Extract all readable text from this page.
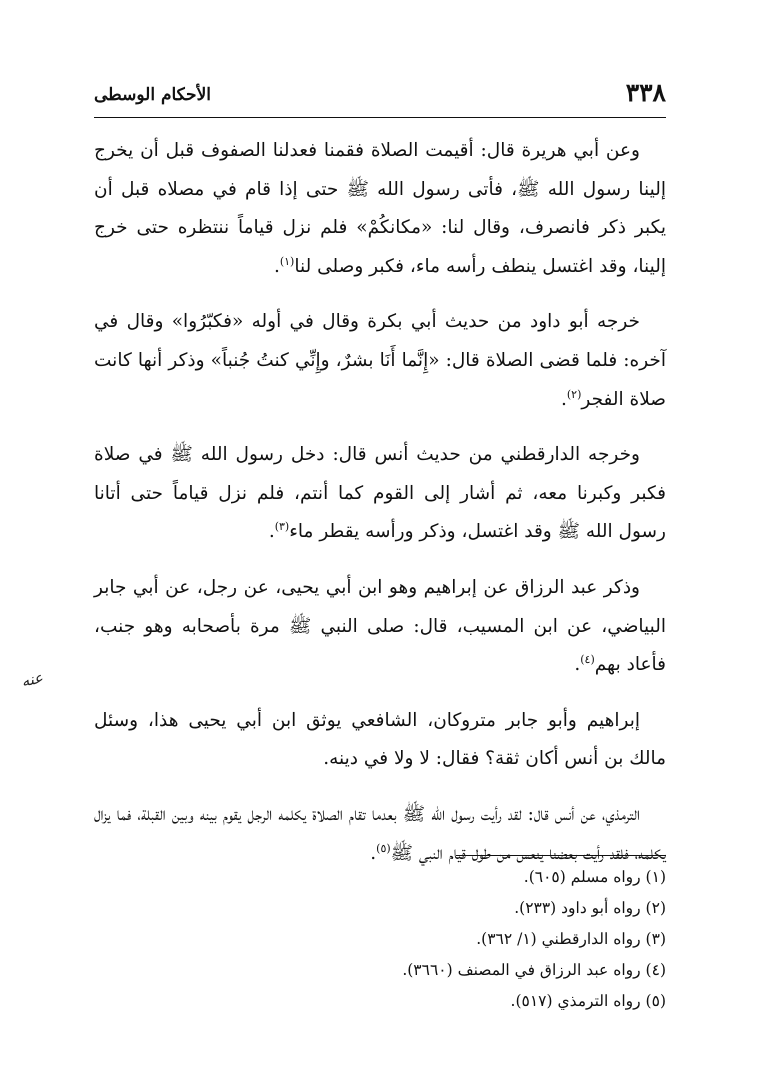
٣٣٨
الأحكام الوسطى

وعن أبي هريرة قال: أقيمت الصلاة فقمنا فعدلنا الصفوف قبل أن يخرج إلينا رسول الله ﷺ، فأتى رسول الله ﷺ حتى إذا قام في مصلاه قبل أن يكبر ذكر فانصرف، وقال لنا: «مكانكُمْ» فلم نزل قياماً ننتظره حتى خرج إلينا، وقد اغتسل ينطف رأسه ماء، فكبر وصلى لنا$^{(١)}$.

خرجه أبو داود من حديث أبي بكرة وقال في أوله «فكبّرُوا» وقال في آخره: فلما قضى الصلاة قال: «إِنَّما أَنَا بشرٌ، وإِنِّي كنتُ جُنباً» وذكر أنها كانت صلاة الفجر$^{(٢)}$.

وخرجه الدارقطني من حديث أنس قال: دخل رسول الله ﷺ في صلاة فكبر وكبرنا معه، ثم أشار إلى القوم كما أنتم، فلم نزل قياماً حتى أتانا رسول الله ﷺ وقد اغتسل، وذكر ورأسه يقطر ماء$^{(٣)}$.

وذكر عبد الرزاق عن إبراهيم وهو ابن أبي يحيى، عن رجل، عن أبي جابر البياضي، عن ابن المسيب، قال: صلى النبي ﷺ مرة بأصحابه وهو جنب، فأعاد بهم$^{(٤)}$.

إبراهيم وأبو جابر متروكان، الشافعي يوثق ابن أبي يحيى هذا، وسئل مالك بن أنس أكان ثقة؟ فقال: لا ولا في دينه.

الترمذي، عن أنس قال: لقد رأيت رسول الله ﷺ بعدما تقام الصلاة يكلمه الرجل يقوم بينه وبين القبلة، فما يزال يكلمه، فلقد رأيت بعضنا ينعس من طول قيام النبي ﷺ$^{(٥)}$.

عنه
(١) رواه مسلم (٦٠٥).
(٢) رواه أبو داود (٢٣٣).
(٣) رواه الدارقطني (١/ ٣٦٢).
(٤) رواه عبد الرزاق في المصنف (٣٦٦٠).
(٥) رواه الترمذي (٥١٧).
